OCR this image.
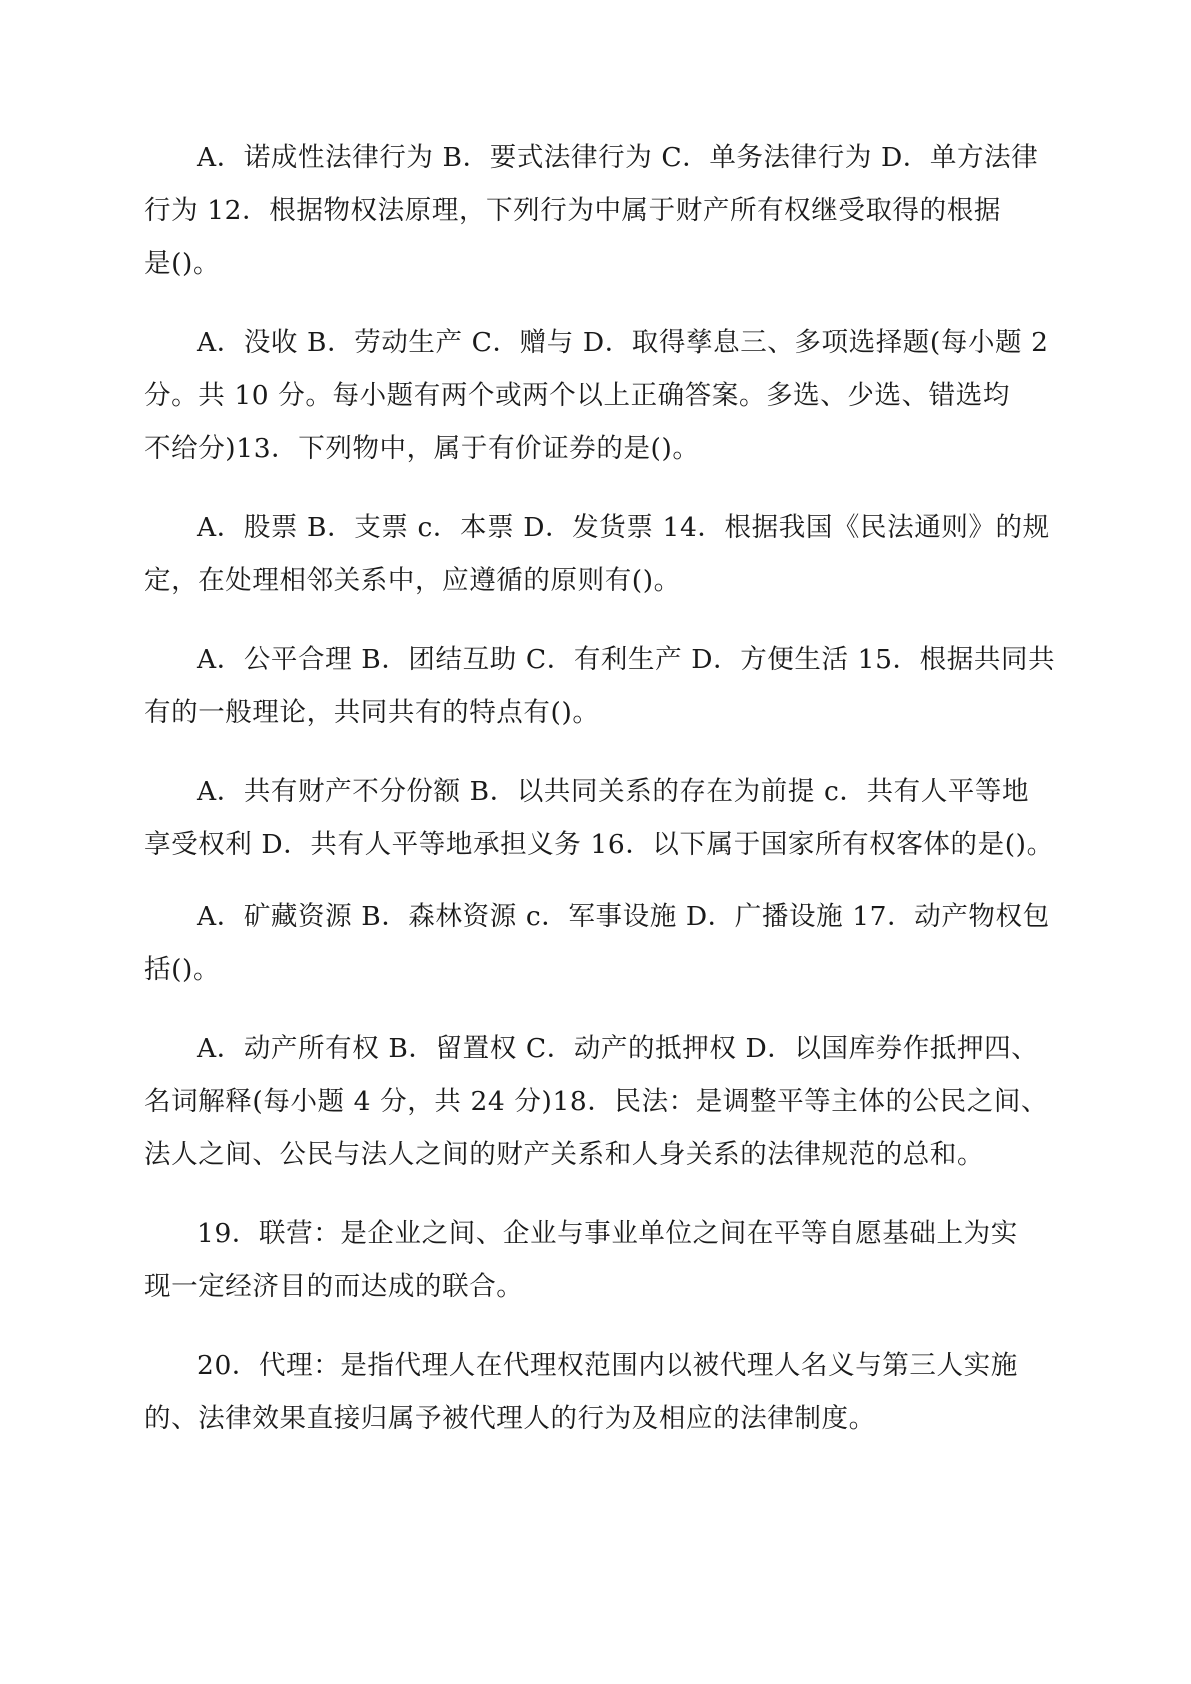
A．诺成性法律行为 B．要式法律行为 C．单务法律行为 D．单方法律
行为 12．根据物权法原理，下列行为中属于财产所有权继受取得的根据
是()。
A．没收 B．劳动生产 C．赠与 D．取得孳息三、多项选择题(每小题 2
分。共 10 分。每小题有两个或两个以上正确答案。多选、少选、错选均
不给分)13．下列物中，属于有价证券的是()。
A．股票 B．支票 c．本票 D．发货票 14．根据我国《民法通则》的规
定，在处理相邻关系中，应遵循的原则有()。
A．公平合理 B．团结互助 C．有利生产 D．方便生活 15．根据共同共
有的一般理论，共同共有的特点有()。
A．共有财产不分份额 B．以共同关系的存在为前提 c．共有人平等地
享受权利 D．共有人平等地承担义务 16．以下属于国家所有权客体的是()。
A．矿藏资源 B．森林资源 c．军事设施 D．广播设施 17．动产物权包
括()。
A．动产所有权 B．留置权 C．动产的抵押权 D．以国库券作抵押四、
名词解释(每小题 4 分，共 24 分)18．民法：是调整平等主体的公民之间、
法人之间、公民与法人之间的财产关系和人身关系的法律规范的总和。
19．联营：是企业之间、企业与事业单位之间在平等自愿基础上为实
现一定经济目的而达成的联合。
20．代理：是指代理人在代理权范围内以被代理人名义与第三人实施
的、法律效果直接归属予被代理人的行为及相应的法律制度。
